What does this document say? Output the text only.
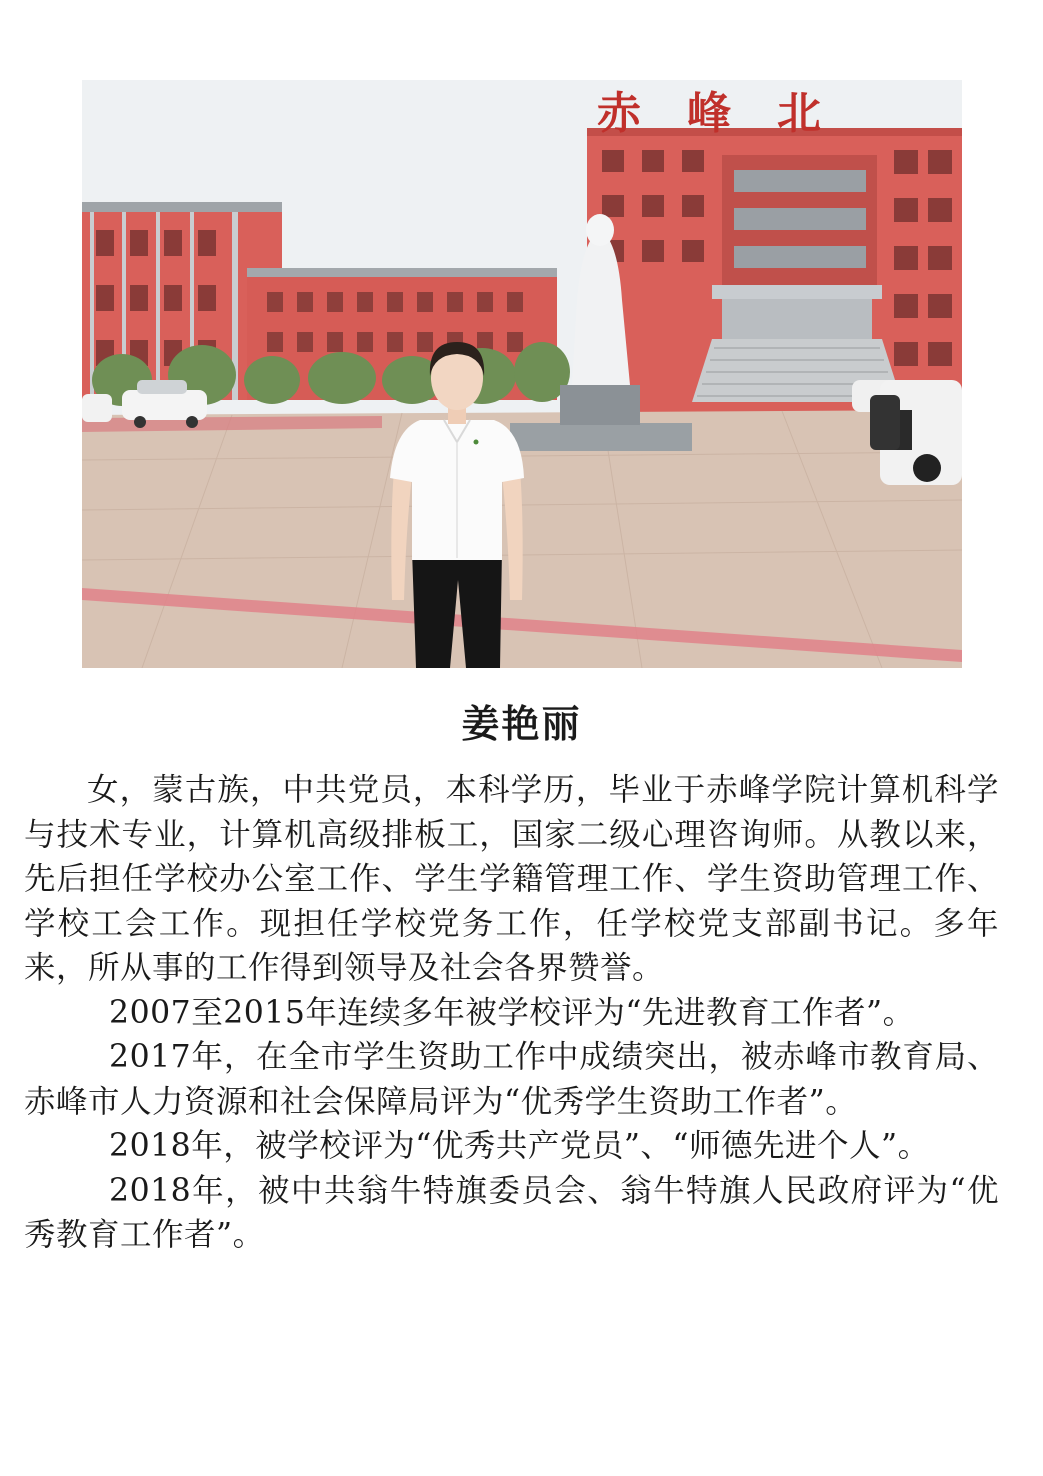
赤峰北
姜艳丽

女，蒙古族，中共党员，本科学历，毕业于赤峰学院计算机科学与技术专业，计算机高级排板工，国家二级心理咨询师。从教以来，先后担任学校办公室工作、学生学籍管理工作、学生资助管理工作、学校工会工作。现担任学校党务工作，任学校党支部副书记。多年来，所从事的工作得到领导及社会各界赞誉。

2007至2015年连续多年被学校评为“先进教育工作者”。

2017年，在全市学生资助工作中成绩突出，被赤峰市教育局、赤峰市人力资源和社会保障局评为“优秀学生资助工作者”。

2018年，被学校评为“优秀共产党员”、“师德先进个人”。

2018年，被中共翁牛特旗委员会、翁牛特旗人民政府评为“优秀教育工作者”。
